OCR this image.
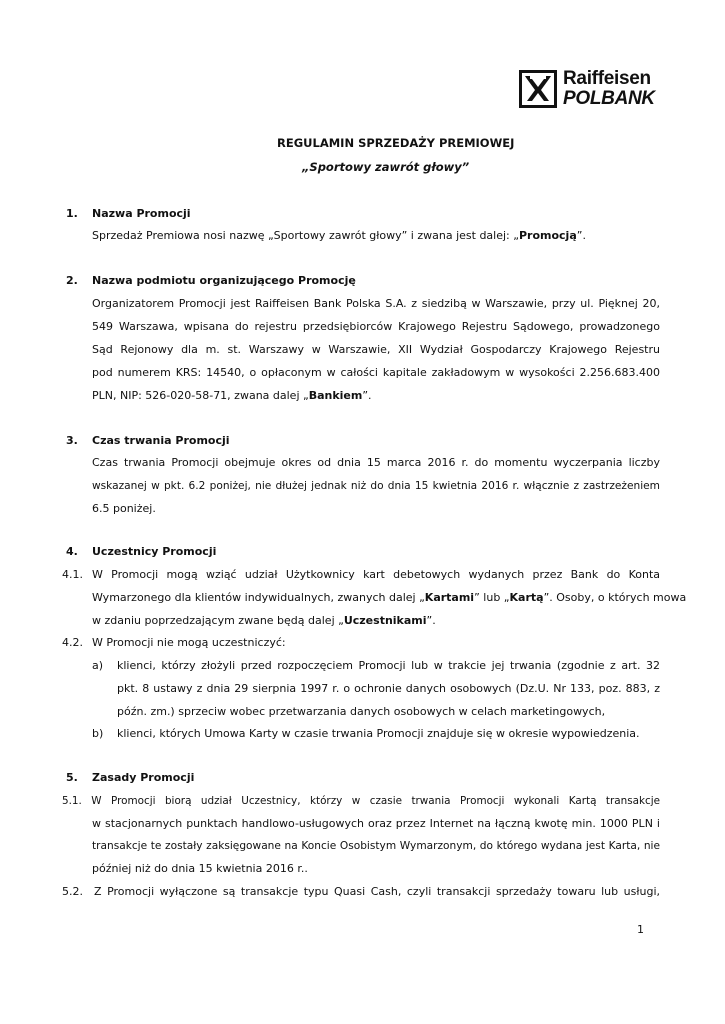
Raiffeisen
POLBANK
REGULAMIN SPRZEDAŻY PREMIOWEJ
„Sportowy zawrót głowy”
1. Nazwa Promocji
Sprzedaż Premiowa nosi nazwę „Sportowy zawrót głowy” i zwana jest dalej: „Promocją”.
2. Nazwa podmiotu organizującego Promocję
Organizatorem Promocji jest Raiffeisen Bank Polska S.A. z siedzibą w Warszawie, przy ul. Pięknej 20,
549 Warszawa, wpisana do rejestru przedsiębiorców Krajowego Rejestru Sądowego, prowadzonego
Sąd Rejonowy dla m. st. Warszawy w Warszawie, XII Wydział Gospodarczy Krajowego Rejestru
pod numerem KRS: 14540, o opłaconym w całości kapitale zakładowym w wysokości 2.256.683.400
PLN, NIP: 526-020-58-71, zwana dalej „Bankiem”.
3. Czas trwania Promocji
Czas trwania Promocji obejmuje okres od dnia 15 marca 2016 r. do momentu wyczerpania liczby
wskazanej w pkt. 6.2 poniżej, nie dłużej jednak niż do dnia 15 kwietnia 2016 r. włącznie z zastrzeżeniem
6.5 poniżej.
4. Uczestnicy Promocji
4.1. W Promocji mogą wziąć udział Użytkownicy kart debetowych wydanych przez Bank do Konta
Wymarzonego dla klientów indywidualnych, zwanych dalej „Kartami” lub „Kartą”. Osoby, o których mowa
w zdaniu poprzedzającym zwane będą dalej „Uczestnikami”.
4.2. W Promocji nie mogą uczestniczyć:
a) klienci, którzy złożyli przed rozpoczęciem Promocji lub w trakcie jej trwania (zgodnie z art. 32
pkt. 8 ustawy z dnia 29 sierpnia 1997 r. o ochronie danych osobowych (Dz.U. Nr 133, poz. 883, z
późn. zm.) sprzeciw wobec przetwarzania danych osobowych w celach marketingowych,
b) klienci, których Umowa Karty w czasie trwania Promocji znajduje się w okresie wypowiedzenia.
5. Zasady Promocji
5.1. W Promocji biorą udział Uczestnicy, którzy w czasie trwania Promocji wykonali Kartą transakcje
w stacjonarnych punktach handlowo-usługowych oraz przez Internet na łączną kwotę min. 1000 PLN i
transakcje te zostały zaksięgowane na Koncie Osobistym Wymarzonym, do którego wydana jest Karta, nie
później niż do dnia 15 kwietnia 2016 r..
5.2. Z Promocji wyłączone są transakcje typu Quasi Cash, czyli transakcji sprzedaży towaru lub usługi,
1
